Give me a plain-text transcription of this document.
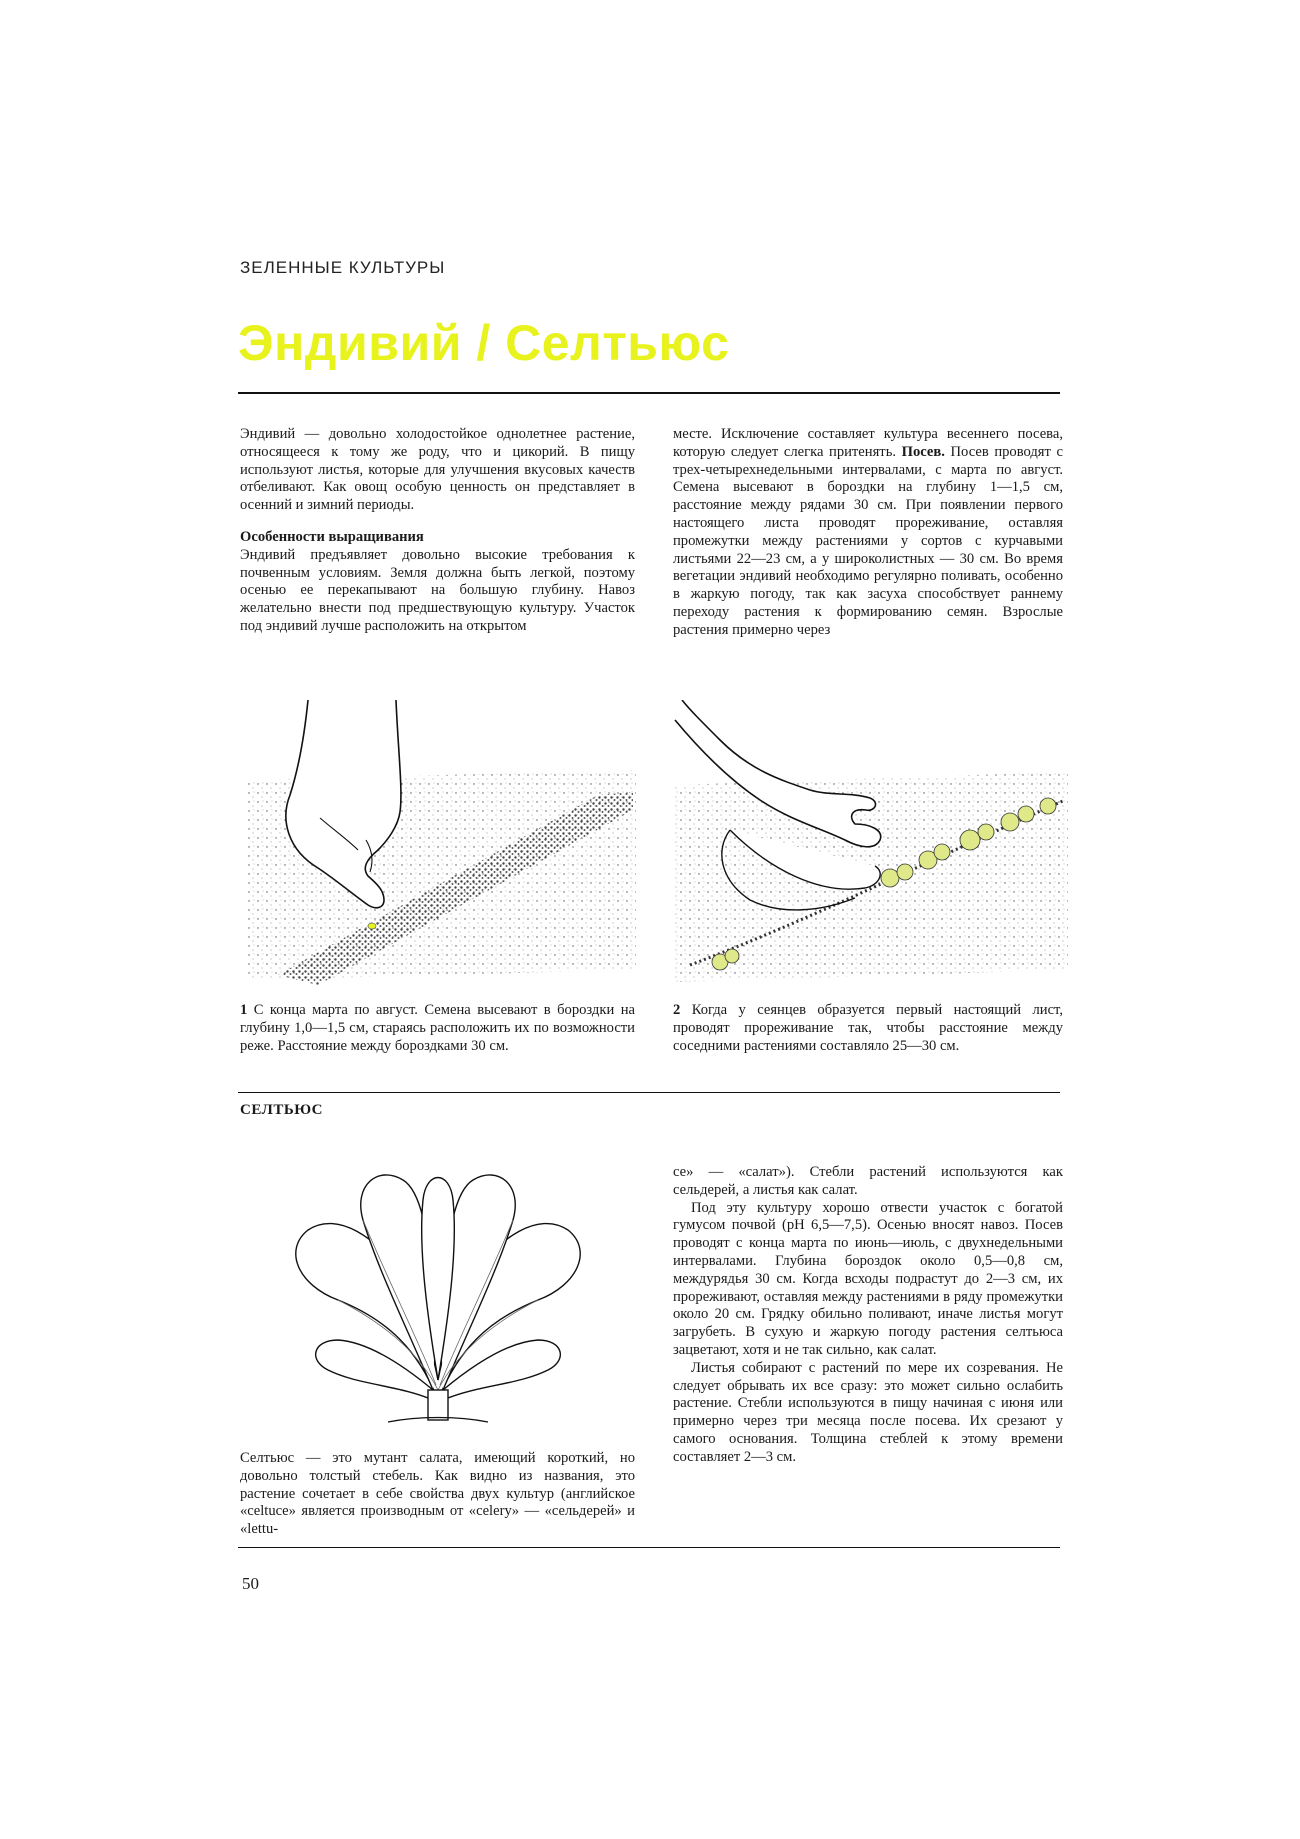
ЗЕЛЕННЫЕ КУЛЬТУРЫ
Эндивий / Селтьюс

Эндивий — довольно холодостойкое однолетнее растение, относящееся к тому же роду, что и цикорий. В пищу используют листья, которые для улучшения вкусовых качеств отбеливают. Как овощ особую ценность он представляет в осенний и зимний периоды.

Особенности выращивания

Эндивий предъявляет довольно высокие требования к почвенным условиям. Земля должна быть легкой, поэтому осенью ее перекапывают на большую глубину. Навоз желательно внести под предшествующую культуру. Участок под эндивий лучше расположить на открытом

месте. Исключение составляет культура весеннего посева, которую следует слегка притенять. Посев. Посев проводят с трех-четырехнедельными интервалами, с марта по август. Семена высевают в бороздки на глубину 1—1,5 см, расстояние между рядами 30 см. При появлении первого настоящего листа проводят прореживание, оставляя промежутки между растениями у сортов с курчавыми листьями 22—23 см, а у широколистных — 30 см. Во время вегетации эндивий необходимо регулярно поливать, особенно в жаркую погоду, так как засуха способствует раннему переходу растения к формированию семян. Взрослые растения примерно через

1 С конца марта по август. Семена высевают в бороздки на глубину 1,0—1,5 см, стараясь расположить их по возможности реже. Расстояние между бороздками 30 см.
2 Когда у сеянцев образуется первый настоящий лист, проводят прореживание так, чтобы расстояние между соседними растениями составляло 25—30 см.
СЕЛТЬЮС
Селтьюс — это мутант салата, имеющий короткий, но довольно толстый стебель. Как видно из названия, это растение сочетает в себе свойства двух культур (английское «celtuce» является производным от «celery» — «сельдерей» и «lettu-

се» — «салат»). Стебли растений используются как сельдерей, а листья как салат.

Под эту культуру хорошо отвести участок с богатой гумусом почвой (pH 6,5—7,5). Осенью вносят навоз. Посев проводят с конца марта по июнь—июль, с двухнедельными интервалами. Глубина бороздок около 0,5—0,8 см, междурядья 30 см. Когда всходы подрастут до 2—3 см, их прореживают, оставляя между растениями в ряду промежутки около 20 см. Грядку обильно поливают, иначе листья могут загрубеть. В сухую и жаркую погоду растения селтьюса зацветают, хотя и не так сильно, как салат.

Листья собирают с растений по мере их созревания. Не следует обрывать их все сразу: это может сильно ослабить растение. Стебли используются в пищу начиная с июня или примерно через три месяца после посева. Их срезают у самого основания. Толщина стеблей к этому времени составляет 2—3 см.

50
